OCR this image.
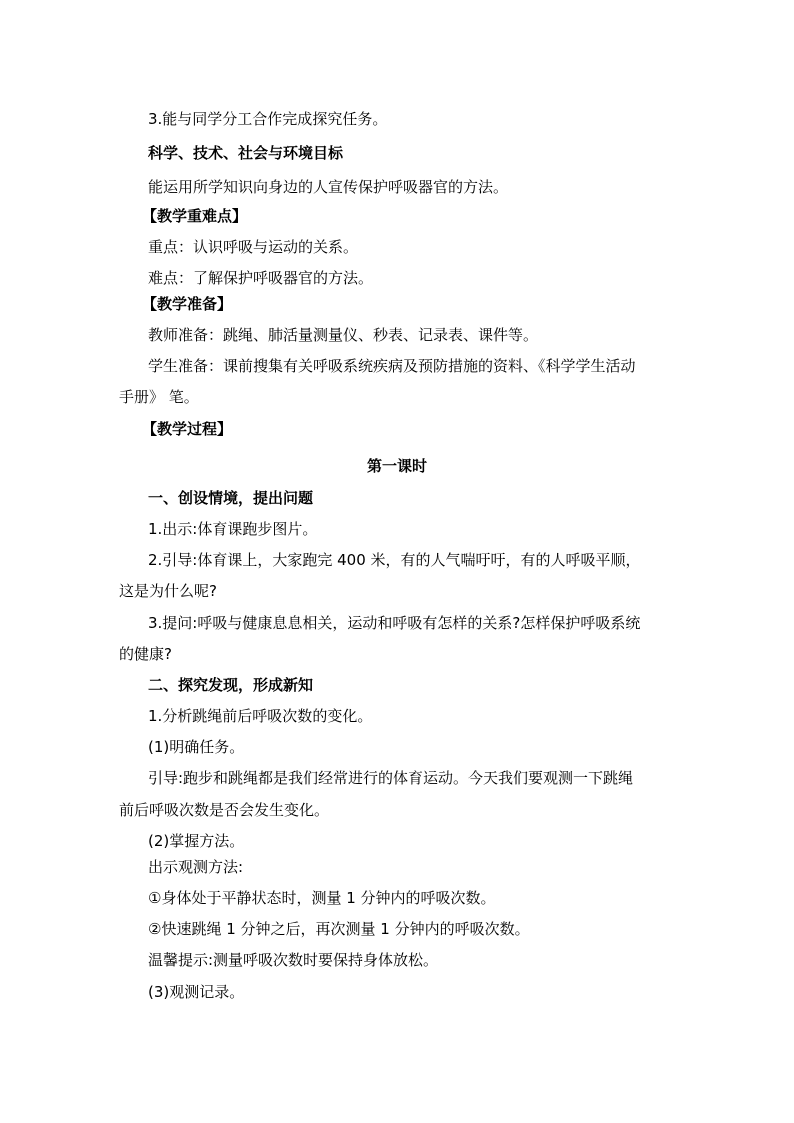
3.能与同学分工合作完成探究任务。
科学、技术、社会与环境目标
能运用所学知识向身边的人宣传保护呼吸器官的方法。
【教学重难点】
重点：认识呼吸与运动的关系。
难点：了解保护呼吸器官的方法。
【教学准备】
教师准备：跳绳、肺活量测量仪、秒表、记录表、课件等。
学生准备：课前搜集有关呼吸系统疾病及预防措施的资料、《科学学生活动
手册》 笔。
【教学过程】
第一课时
一、创设情境，提出问题
1.出示:体育课跑步图片。
2.引导:体育课上，大家跑完 400 米，有的人气喘吁吁，有的人呼吸平顺，
这是为什么呢?
3.提问:呼吸与健康息息相关，运动和呼吸有怎样的关系?怎样保护呼吸系统
的健康?
二、探究发现，形成新知
1.分析跳绳前后呼吸次数的变化。
(1)明确任务。
引导:跑步和跳绳都是我们经常进行的体育运动。今天我们要观测一下跳绳
前后呼吸次数是否会发生变化。
(2)掌握方法。
出示观测方法:
①身体处于平静状态时，测量 1 分钟内的呼吸次数。
②快速跳绳 1 分钟之后，再次测量 1 分钟内的呼吸次数。
温馨提示:测量呼吸次数时要保持身体放松。
(3)观测记录。
